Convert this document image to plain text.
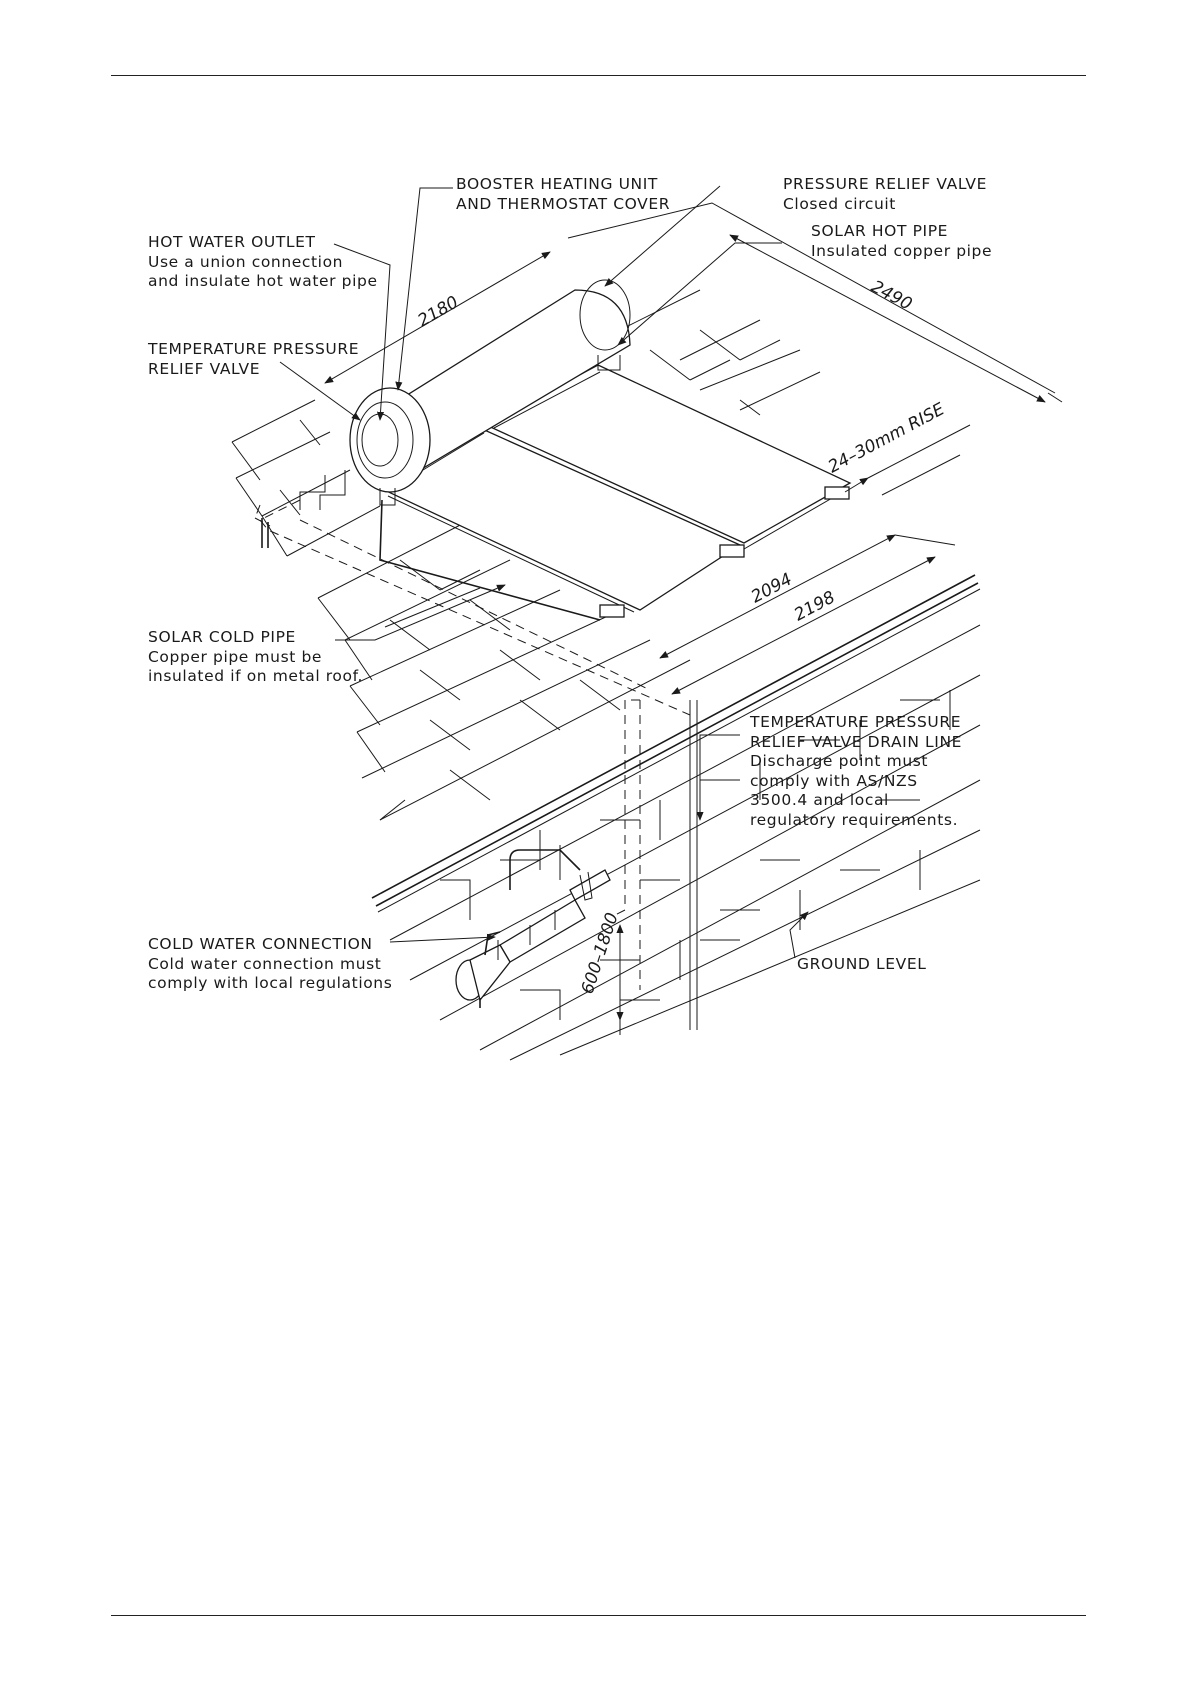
2180	2490
24–30mm RISE
2094
2198
600–1800
BOOSTER HEATING UNIT
AND THERMOSTAT COVER
PRESSURE RELIEF VALVE
Closed circuit
SOLAR HOT PIPE
Insulated copper pipe
HOT WATER OUTLET
Use a union connection
and insulate hot water pipe
TEMPERATURE PRESSURE
RELIEF VALVE
SOLAR COLD PIPE
Copper pipe must be
insulated if on metal roof.
TEMPERATURE PRESSURE
RELIEF VALVE DRAIN LINE
Discharge point must
comply with AS/NZS
3500.4 and local
regulatory requirements.
COLD WATER CONNECTION
Cold water connection must
comply with local regulations
GROUND LEVEL
